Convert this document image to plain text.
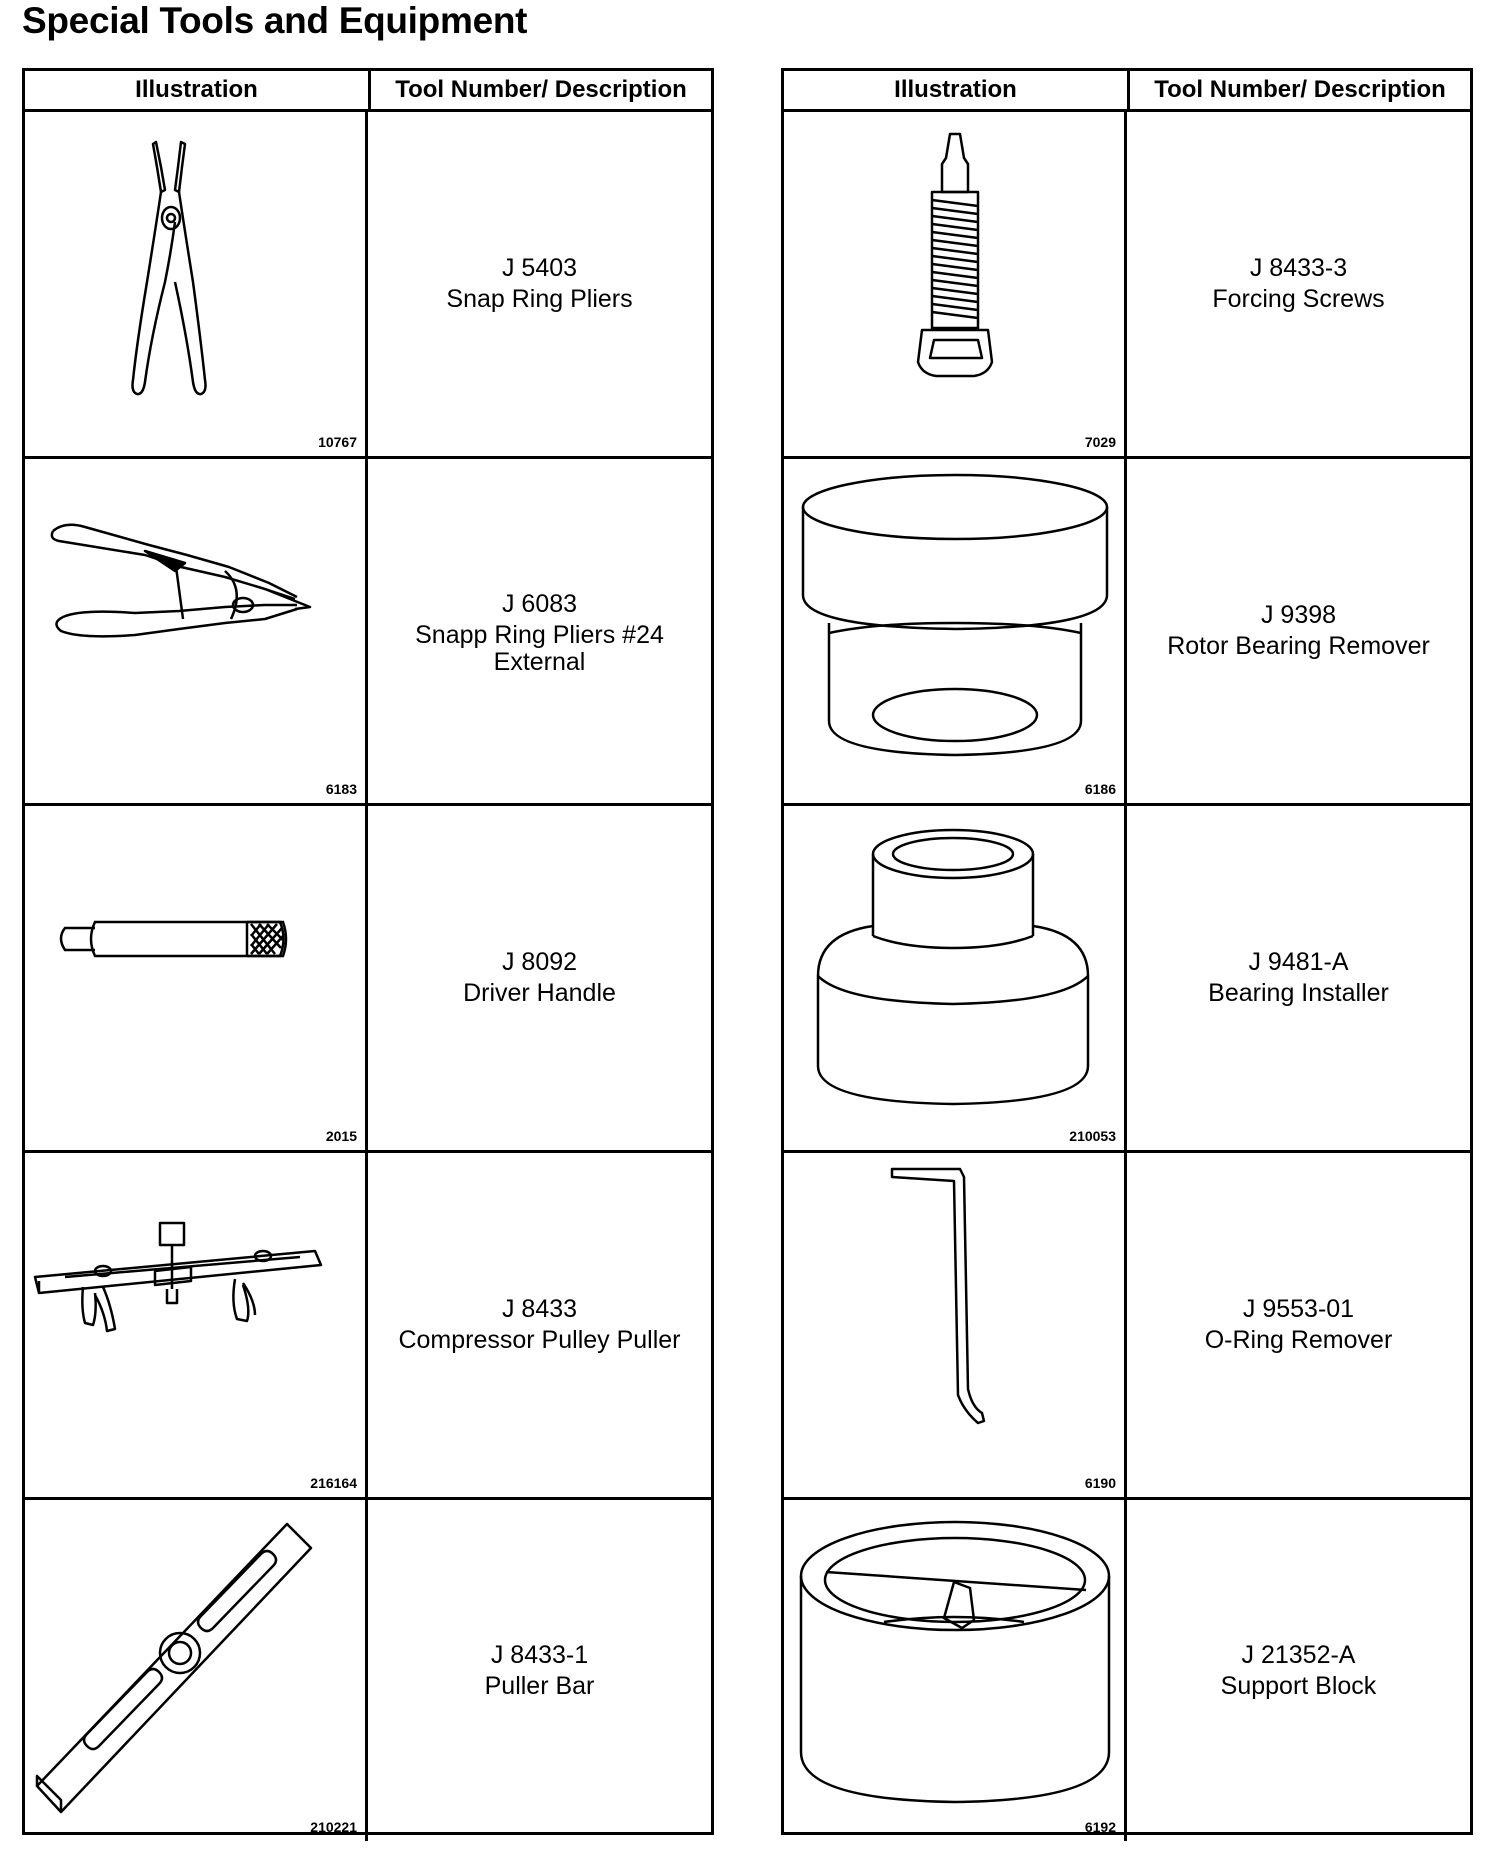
Special Tools and Equipment
Illustration	Tool Number/ Description
10767
J 5403
Snap Ring Pliers
6183
J 6083
Snapp Ring Pliers #24
External
2015
J 8092
Driver Handle
216164
J 8433
Compressor Pulley Puller
210221
J 8433-1
Puller Bar
Illustration	Tool Number/ Description
7029
J 8433-3
Forcing Screws
6186
J 9398
Rotor Bearing Remover
210053
J 9481-A
Bearing Installer
6190
J 9553-01
O-Ring Remover
6192
J 21352-A
Support Block
